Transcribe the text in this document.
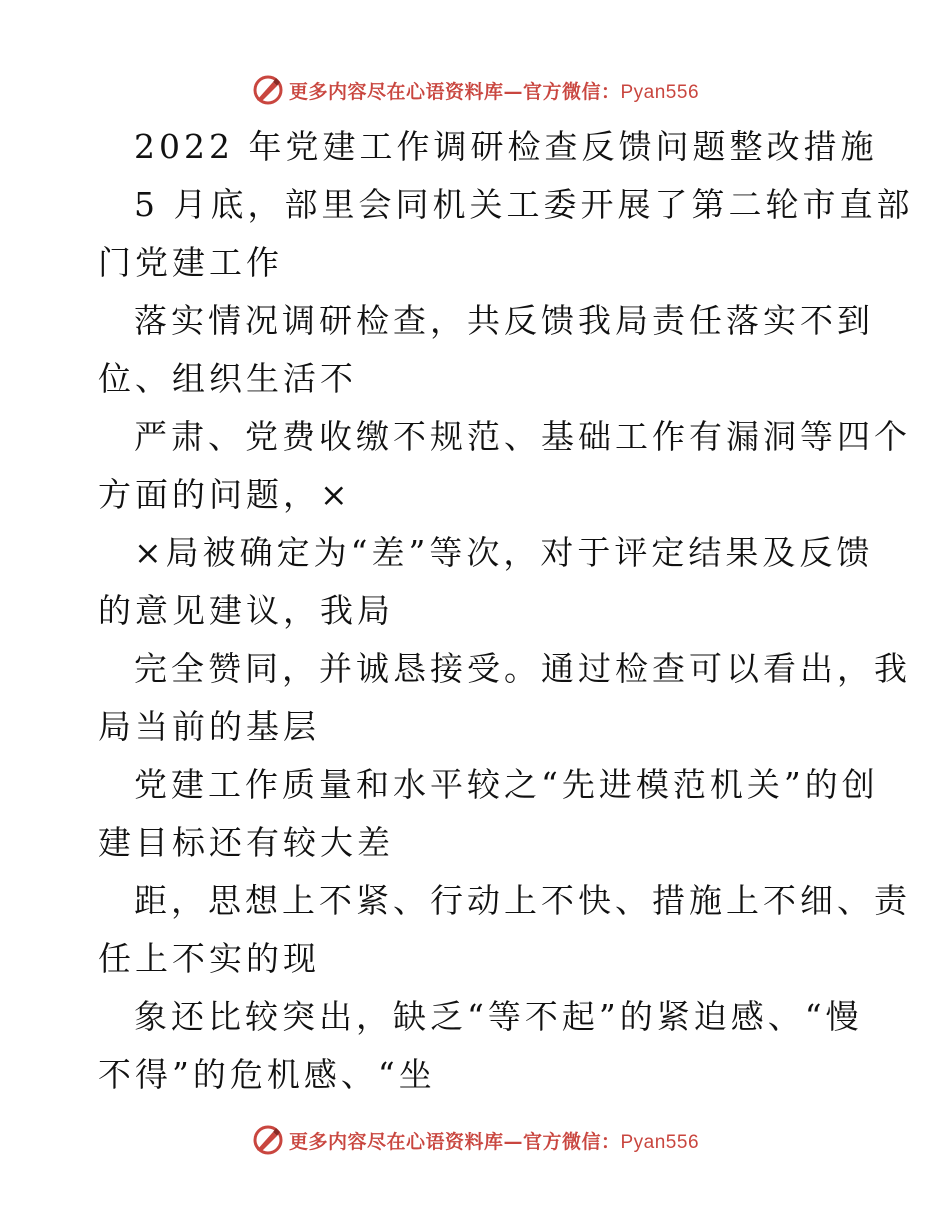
更多内容尽在心语资料库—官方微信：Pyan556
2022 年党建工作调研检查反馈问题整改措施
5 月底，部里会同机关工委开展了第二轮市直部
门党建工作
落实情况调研检查，共反馈我局责任落实不到
位、组织生活不
严肃、党费收缴不规范、基础工作有漏洞等四个
方面的问题，×
×局被确定为“差”等次，对于评定结果及反馈
的意见建议，我局
完全赞同，并诚恳接受。通过检查可以看出，我
局当前的基层
党建工作质量和水平较之“先进模范机关”的创
建目标还有较大差
距，思想上不紧、行动上不快、措施上不细、责
任上不实的现
象还比较突出，缺乏“等不起”的紧迫感、“慢
不得”的危机感、“坐
更多内容尽在心语资料库—官方微信：Pyan556
